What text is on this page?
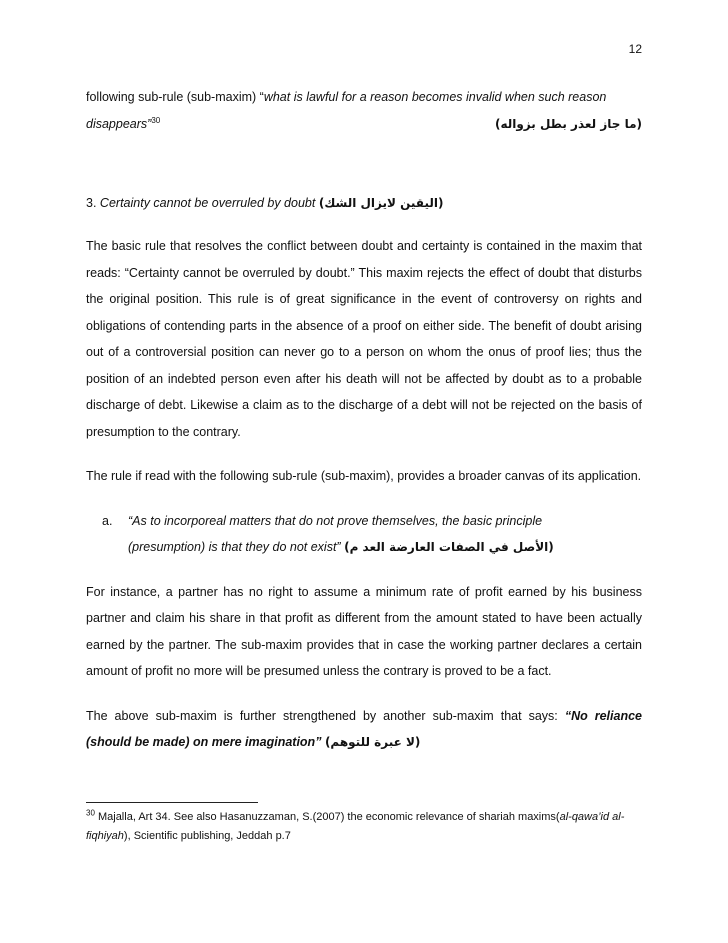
12

following sub-rule (sub-maxim) “what is lawful for a reason becomes invalid when such reason
disappears”$^{30}$	(ما جاز لعذر بطل بزواله)

3. Certainty cannot be overruled by doubt (اليقين لايزال الشك)

The basic rule that resolves the conflict between doubt and certainty is contained in the maxim that reads: “Certainty cannot be overruled by doubt.” This maxim rejects the effect of doubt that disturbs the original position. This rule is of great significance in the event of controversy on rights and obligations of contending parts in the absence of a proof on either side. The benefit of doubt arising out of a controversial position can never go to a person on whom the onus of proof lies; thus the position of an indebted person even after his death will not be affected by doubt as to a probable discharge of debt. Likewise a claim as to the discharge of a debt will not be rejected on the basis of presumption to the contrary.

The rule if read with the following sub-rule (sub-maxim), provides a broader canvas of its application.

a.	“As to incorporeal matters that do not prove themselves, the basic principle
(presumption) is that they do not exist” (الأصل في الصفات العارضة العد م)

For instance, a partner has no right to assume a minimum rate of profit earned by his business partner and claim his share in that profit as different from the amount stated to have been actually earned by the partner. The sub-maxim provides that in case the working partner declares a certain amount of profit no more will be presumed unless the contrary is proved to be a fact.

The above sub-maxim is further strengthened by another sub-maxim that says: “No reliance (should be made) on mere imagination” (لا عبرة للتوهم)

$^{30}$ Majalla, Art 34. See also Hasanuzzaman, S.(2007) the economic relevance of shariah maxims(al-qawa’id al-fiqhiyah), Scientific publishing, Jeddah p.7
